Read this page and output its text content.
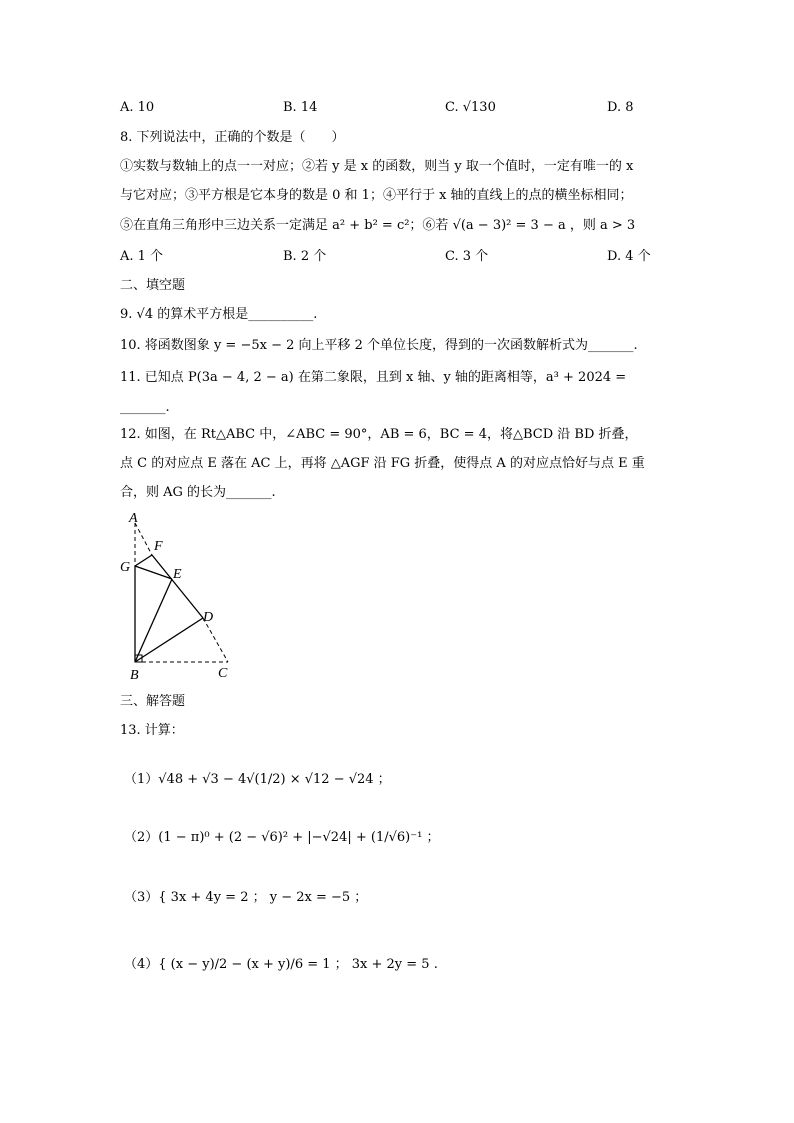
A. 10	B. 14	C. √130	D. 8
8. 下列说法中，正确的个数是（　　）
①实数与数轴上的点一一对应；②若 y 是 x 的函数，则当 y 取一个值时，一定有唯一的 x
与它对应；③平方根是它本身的数是 0 和 1；④平行于 x 轴的直线上的点的横坐标相同；
⑤在直角三角形中三边关系一定满足 a² + b² = c²；⑥若 √(a − 3)² = 3 − a ，则 a > 3
A. 1 个	B. 2 个	C. 3 个	D. 4 个
二、填空题
9. √4 的算术平方根是__________.
10. 将函数图象 y = −5x − 2 向上平移 2 个单位长度，得到的一次函数解析式为_______.
11. 已知点 P(3a − 4, 2 − a) 在第二象限，且到 x 轴、y 轴的距离相等，a³ + 2024 =
_______.
12. 如图，在 Rt△ABC 中，∠ABC = 90°，AB = 6，BC = 4，将△BCD 沿 BD 折叠，
点 C 的对应点 E 落在 AC 上，再将 △AGF 沿 FG 折叠，使得点 A 的对应点恰好与点 E 重
合，则 AG 的长为_______.
A
F
G	E
D
B	C
三、解答题
13. 计算：
（1）√48 + √3 − 4√(1/2) × √12 − √24 ；
（2）(1 − π)⁰ + (2 − √6)² + |−√24| + (1/√6)⁻¹ ；
（3）{ 3x + 4y = 2 ； y − 2x = −5 ；
（4）{ (x − y)/2 − (x + y)/6 = 1 ； 3x + 2y = 5 .
